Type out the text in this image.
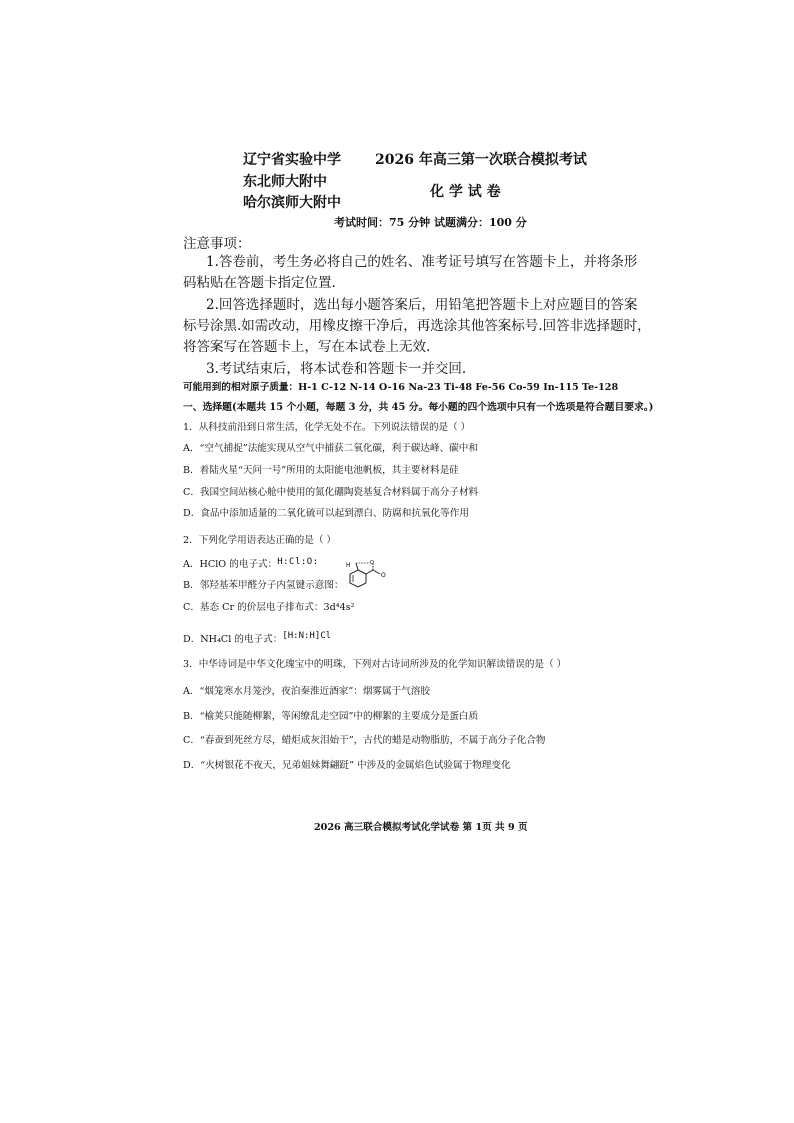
辽宁省实验中学
东北师大附中
哈尔滨师大附中
2026 年高三第一次联合模拟考试
化 学 试 卷
考试时间：75 分钟 试题满分：100 分
注意事项：
1.答卷前，考生务必将自己的姓名、准考证号填写在答题卡上，并将条形
码粘贴在答题卡指定位置.
2.回答选择题时，选出每小题答案后，用铅笔把答题卡上对应题目的答案
标号涂黑.如需改动，用橡皮擦干净后，再选涂其他答案标号.回答非选择题时，
将答案写在答题卡上，写在本试卷上无效.
3.考试结束后，将本试卷和答题卡一并交回.
可能用到的相对原子质量：H-1 C-12 N-14 O-16 Na-23 Ti-48 Fe-56 Co-59 In-115 Te-128
一、选择题(本题共 15 个小题，每题 3 分，共 45 分。每小题的四个选项中只有一个选项是符合题目要求。)
1．从科技前沿到日常生活，化学无处不在。下列说法错误的是（ ）
A．“空气捕捉”法能实现从空气中捕获二氧化碳，利于碳达峰、碳中和
B．着陆火星“天问一号”所用的太阳能电池帆板，其主要材料是硅
C．我国空间站核心舱中使用的氮化硼陶瓷基复合材料属于高分子材料
D．食品中添加适量的二氧化硫可以起到漂白、防腐和抗氧化等作用
2．下列化学用语表达正确的是（ ）
A．HClO 的电子式：H:Cl:O:
B．邻羟基苯甲醛分子内氢键示意图：
H	O
O
C．基态 Cr 的价层电子排布式：3d⁴4s²
D．NH₄Cl 的电子式：[H:N:H]Cl
3．中华诗词是中华文化瑰宝中的明珠，下列对古诗词所涉及的化学知识解读错误的是（ ）
A．“烟笼寒水月笼沙，夜泊秦淮近酒家”：烟雾属于气溶胶
B．“榆荚只能随柳絮，等闲缭乱走空园”中的柳絮的主要成分是蛋白质
C．“春蚕到死丝方尽，蜡炬成灰泪始干”，古代的蜡是动物脂肪，不属于高分子化合物
D．“火树银花不夜天，兄弟姐妹舞翩跹” 中涉及的金属焰色试验属于物理变化
2026 高三联合模拟考试化学试卷 第 1页 共 9 页
